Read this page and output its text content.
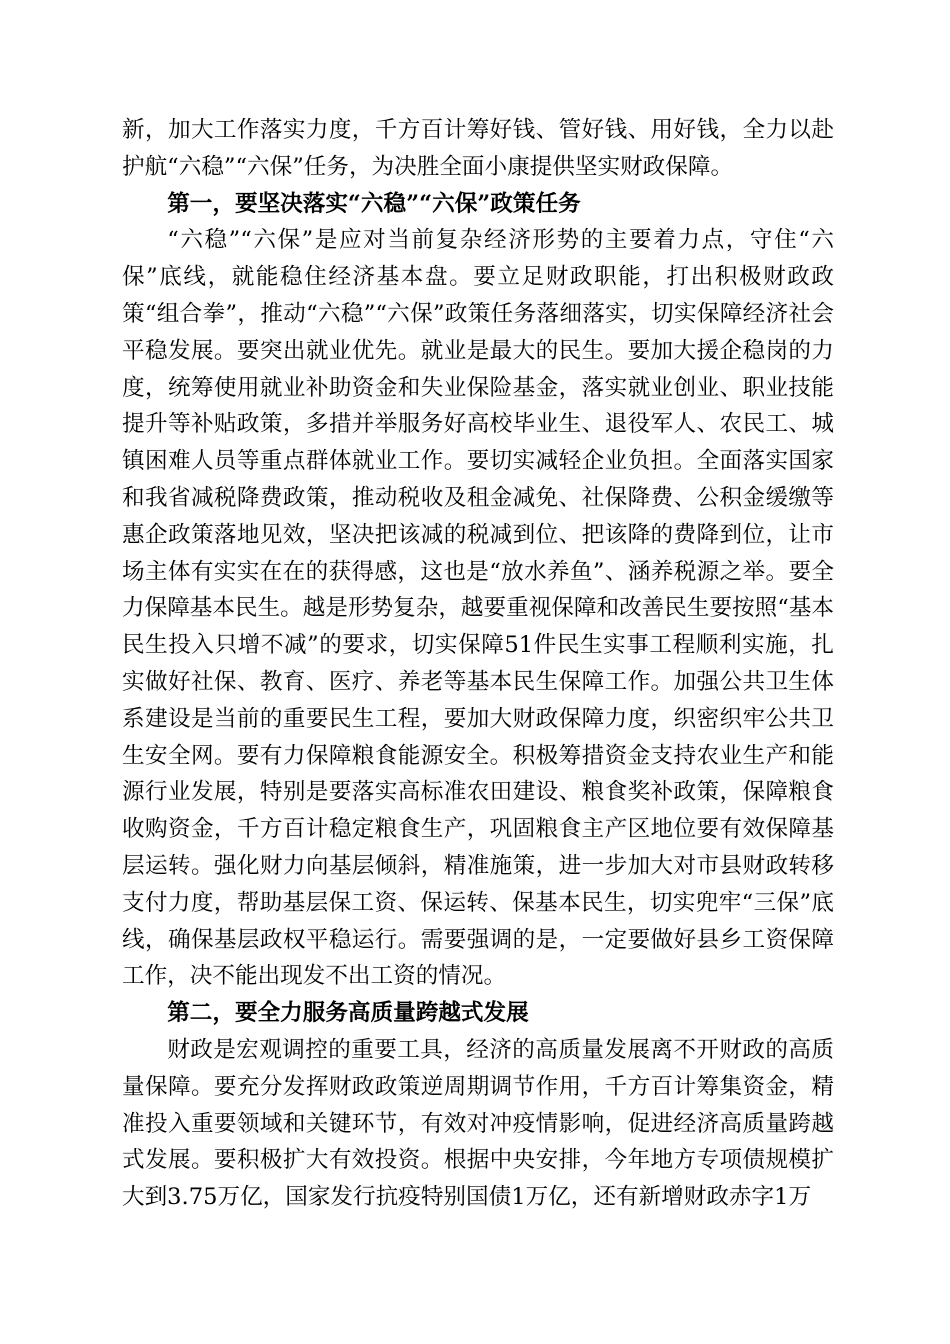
新，加大工作落实力度，千方百计筹好钱、管好钱、用好钱，全力以赴护航“六稳”“六保”任务，为决胜全面小康提供坚实财政保障。

第一，要坚决落实“六稳”“六保”政策任务

“六稳”“六保”是应对当前复杂经济形势的主要着力点，守住“六保”底线，就能稳住经济基本盘。要立足财政职能，打出积极财政政策“组合拳”，推动“六稳”“六保”政策任务落细落实，切实保障经济社会平稳发展。要突出就业优先。就业是最大的民生。要加大援企稳岗的力度，统筹使用就业补助资金和失业保险基金，落实就业创业、职业技能提升等补贴政策，多措并举服务好高校毕业生、退役军人、农民工、城镇困难人员等重点群体就业工作。要切实减轻企业负担。全面落实国家和我省减税降费政策，推动税收及租金减免、社保降费、公积金缓缴等惠企政策落地见效，坚决把该减的税减到位、把该降的费降到位，让市场主体有实实在在的获得感，这也是“放水养鱼”、涵养税源之举。要全力保障基本民生。越是形势复杂，越要重视保障和改善民生要按照“基本民生投入只增不减”的要求，切实保障51件民生实事工程顺利实施，扎实做好社保、教育、医疗、养老等基本民生保障工作。加强公共卫生体系建设是当前的重要民生工程，要加大财政保障力度，织密织牢公共卫生安全网。要有力保障粮食能源安全。积极筹措资金支持农业生产和能源行业发展，特别是要落实高标准农田建设、粮食奖补政策，保障粮食收购资金，千方百计稳定粮食生产，巩固粮食主产区地位要有效保障基层运转。强化财力向基层倾斜，精准施策，进一步加大对市县财政转移支付力度，帮助基层保工资、保运转、保基本民生，切实兜牢“三保”底线，确保基层政权平稳运行。需要强调的是，一定要做好县乡工资保障工作，决不能出现发不出工资的情况。

第二，要全力服务高质量跨越式发展

财政是宏观调控的重要工具，经济的高质量发展离不开财政的高质量保障。要充分发挥财政政策逆周期调节作用，千方百计筹集资金，精准投入重要领域和关键环节，有效对冲疫情影响，促进经济高质量跨越式发展。要积极扩大有效投资。根据中央安排，今年地方专项债规模扩大到3.75万亿，国家发行抗疫特别国债1万亿，还有新增财政赤字1万
